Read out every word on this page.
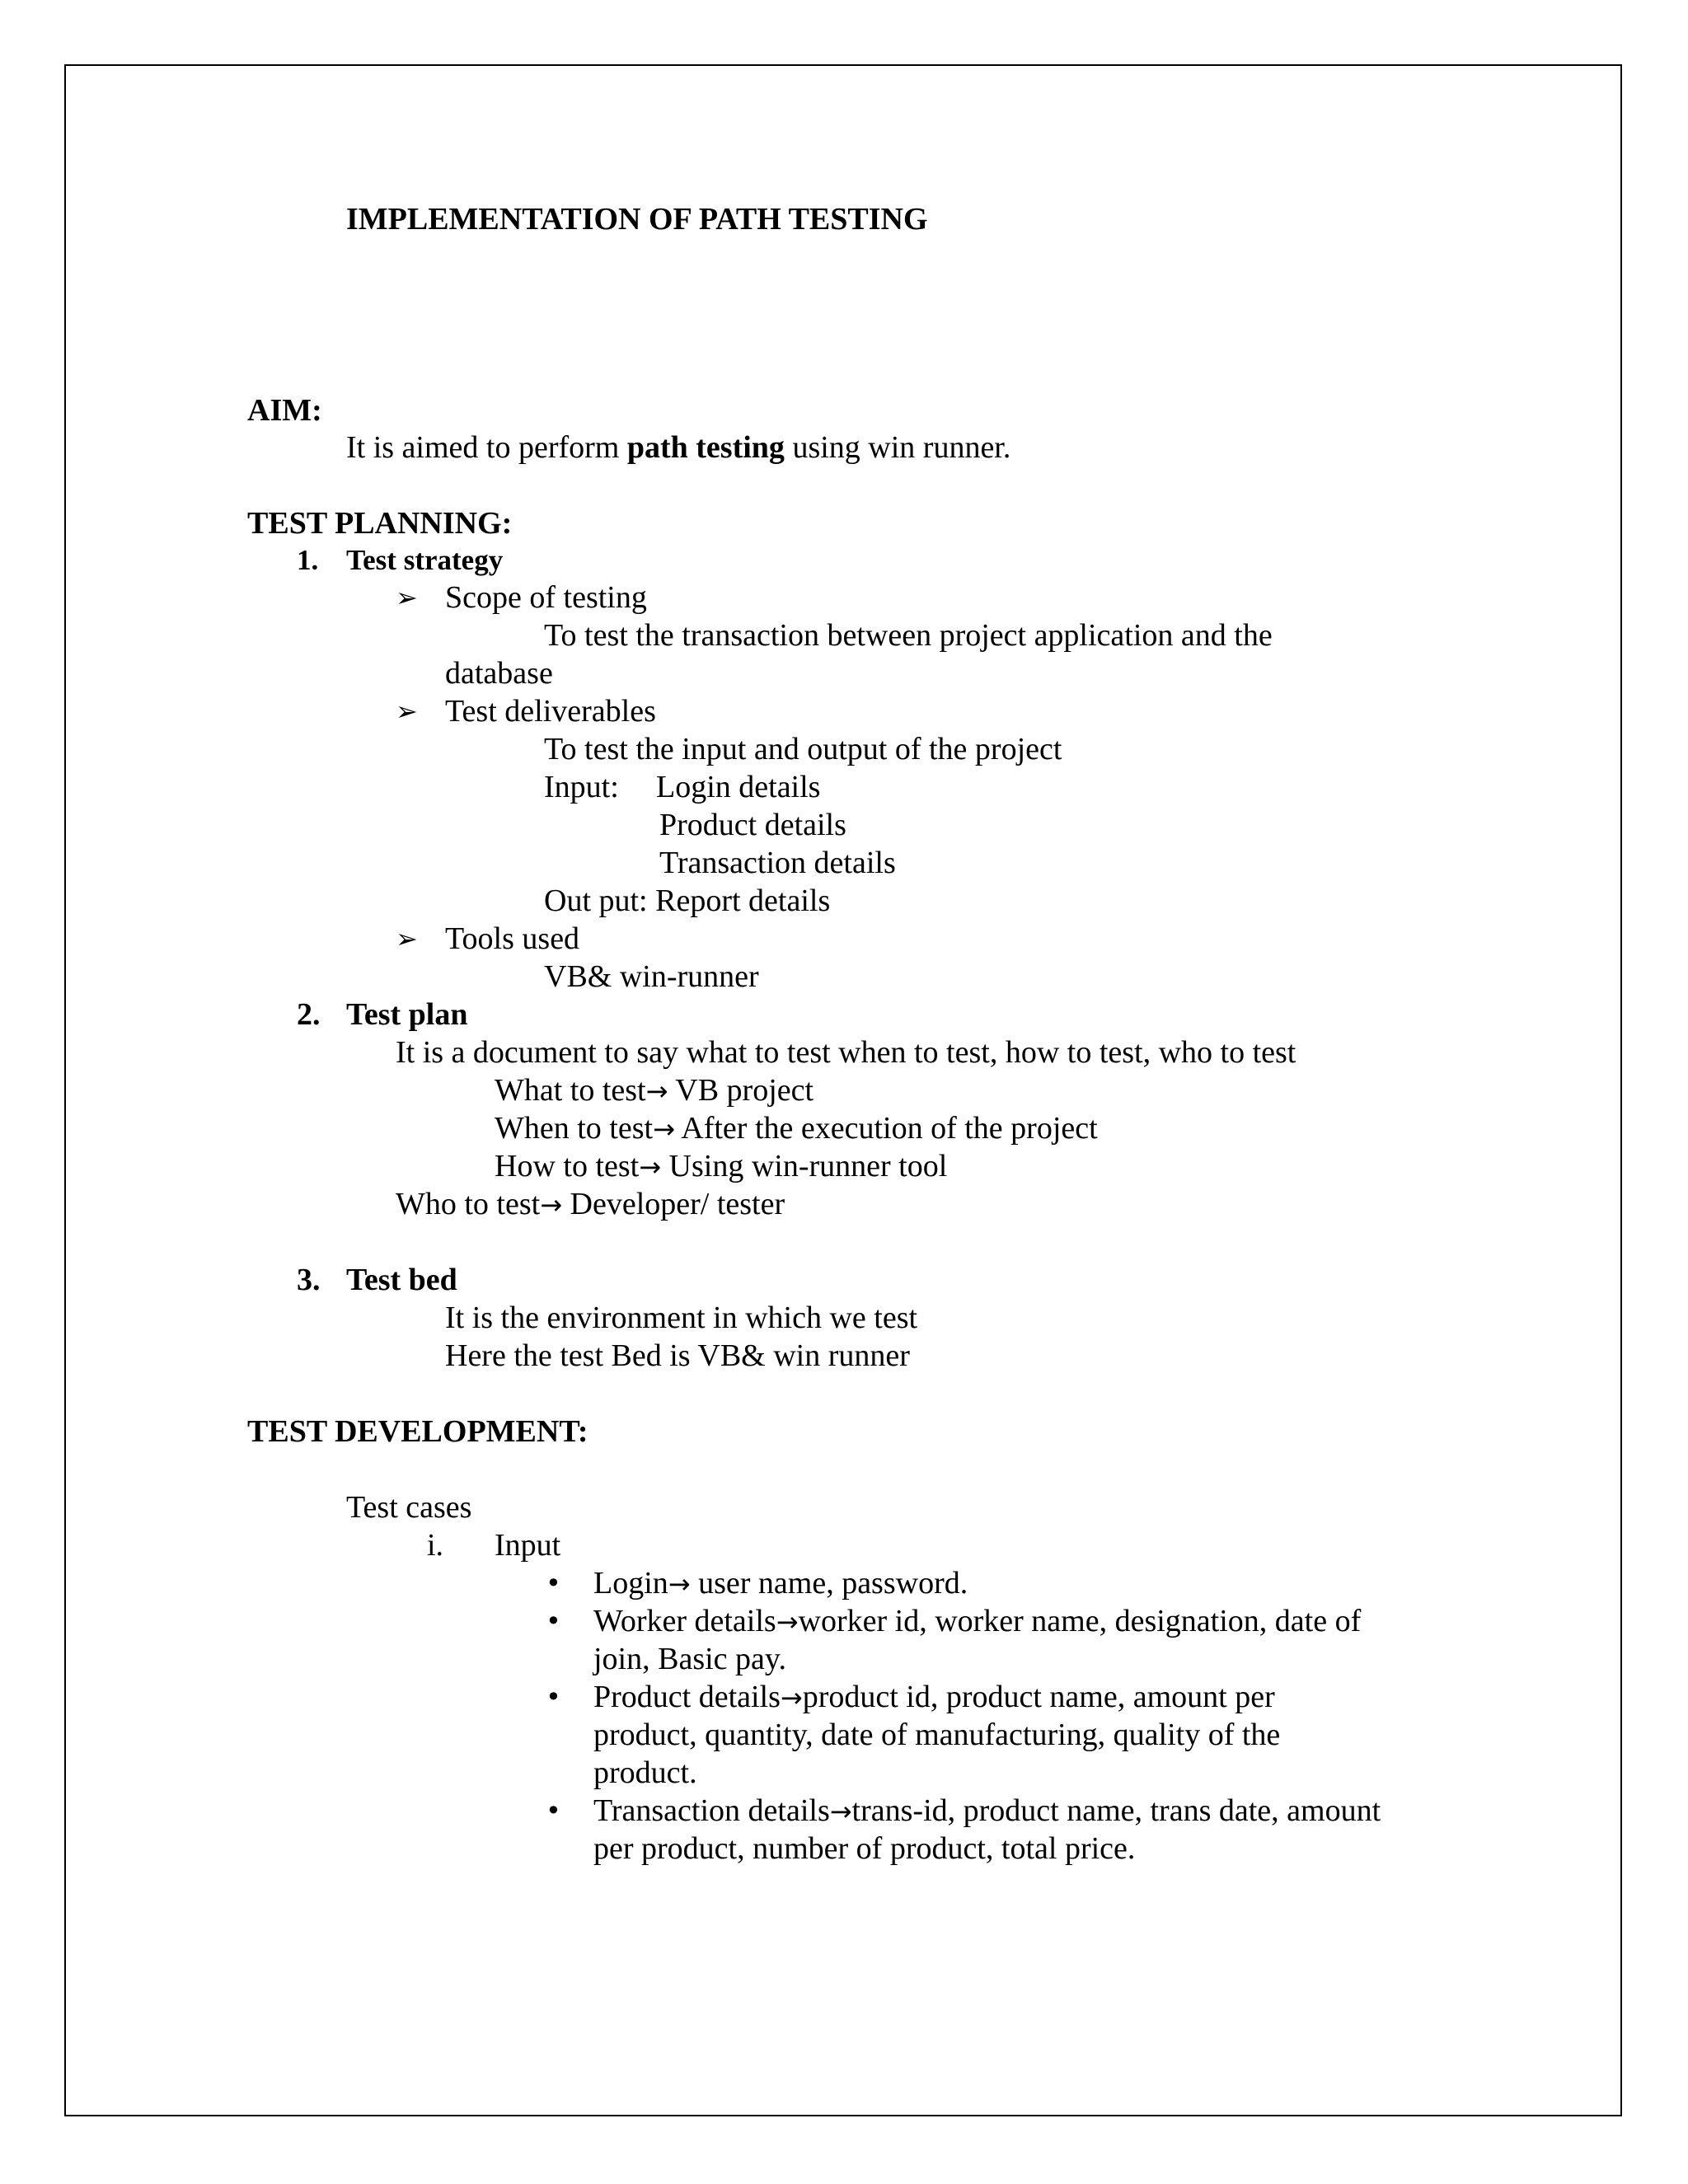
IMPLEMENTATION OF PATH TESTING
AIM:
It is aimed to perform path testing using win runner.
TEST PLANNING:
1. Test strategy
➢ Scope of testing
To test the transaction between project application and the
database
➢ Test deliverables
To test the input and output of the project
Input: Login details
Product details
Transaction details
Out put: Report details
➢ Tools used
VB& win-runner
2. Test plan
It is a document to say what to test when to test, how to test, who to test
What to test→ VB project
When to test→ After the execution of the project
How to test→ Using win-runner tool
Who to test→ Developer/ tester
3. Test bed
It is the environment in which we test
Here the test Bed is VB& win runner
TEST DEVELOPMENT:
Test cases
i. Input
• Login→ user name, password.
• Worker details→worker id, worker name, designation, date of
join, Basic pay.
• Product details→product id, product name, amount per
product, quantity, date of manufacturing, quality of the
product.
• Transaction details→trans-id, product name, trans date, amount
per product, number of product, total price.
